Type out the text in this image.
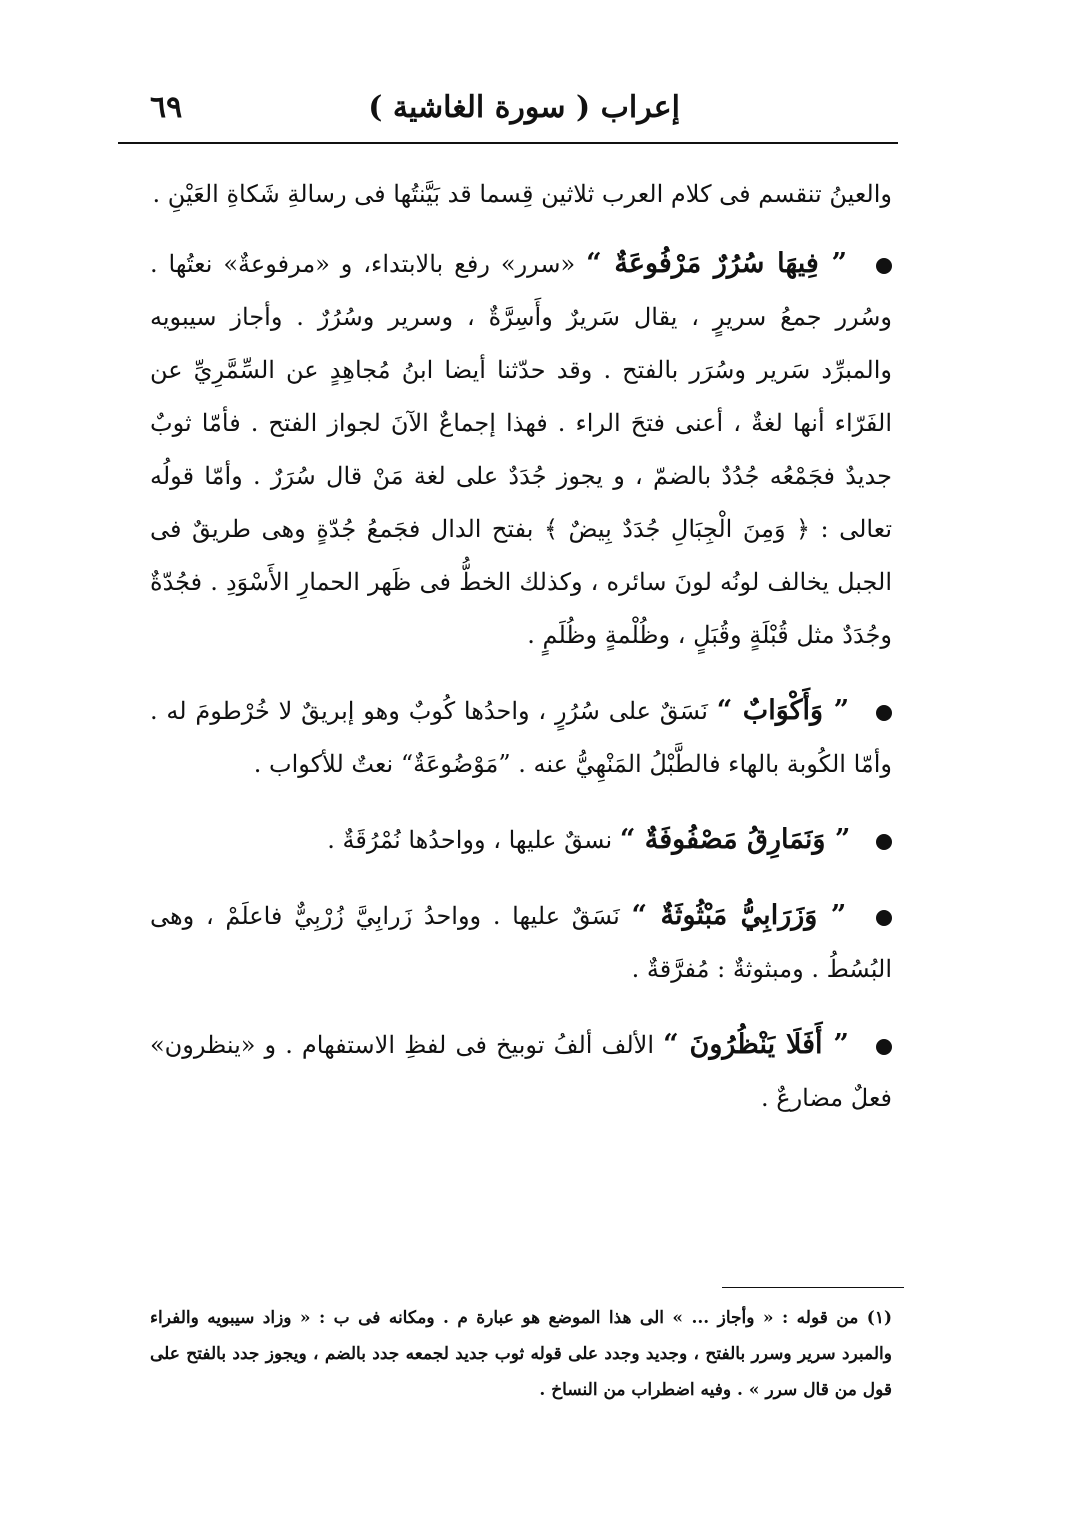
إعراب ( سورة الغاشية )
٦٩

والعينُ تنقسم فى كلام العرب ثلاثين قِسما قد بَيَّنتُها فى رسالةِ شَكاةِ العَيْنِ .

” فِيهَا سُرُرٌ مَرْفُوعَةٌ “ «سرر» رفع بالابتداء، و «مرفوعةٌ» نعتُها . وسُرر جمعُ سريرٍ ، يقال سَريرٌ وأَسِرَّةٌ ، وسرير وسُرُرٌ . وأجاز سيبويه والمبرِّد سَرير وسُرَر بالفتح . وقد حدّثنا أيضا ابنُ مُجاهِدٍ عن السِّمَّرِيِّ عن الفَرّاء أنها لغةٌ ، أعنى فتحَ الراء . فهذا إجماعٌ الآنَ لجواز الفتح . فأمّا ثوبٌ جديدٌ فجَمْعُه جُدُدٌ بالضمّ ، و يجوز جُدَدٌ على لغة مَنْ قال سُرَرٌ . وأمّا قولُه تعالى : ﴿ وَمِنَ الْجِبَالِ جُدَدٌ بِيضٌ ﴾ بفتح الدال فجَمعُ جُدّةٍ وهى طريقٌ فى الجبل يخالف لونُه لونَ سائره ، وكذلك الخطُّ فى ظَهر الحمارِ الأَسْوَدِ . فجُدّةٌ وجُدَدٌ مثل قُبْلَةٍ وقُبَلٍ ، وظُلْمةٍ وظُلَمٍ .

” وَأَكْوَابٌ “ نَسَقٌ على سُرُرٍ ، واحدُها كُوبٌ وهو إبريقٌ لا خُرْطومَ له . وأمّا الكُوبة بالهاء فالطَّبْلُ المَنْهِيُّ عنه . ”مَوْضُوعَةٌ“ نعتٌ للأكواب .

” وَنَمَارِقُ مَصْفُوفَةٌ “ نسقٌ عليها ، وواحدُها نُمْرُقَةٌ .

” وَزَرَابِيُّ مَبْثُوثَةٌ “ نَسَقٌ عليها . وواحدُ زَرابِيَّ زُرْبِيٌّ فاعلَمْ ، وهى البُسُطُ . ومبثوثةٌ : مُفرَّقةٌ .

” أَفَلَا يَنْظُرُونَ “ الألف ألفُ توبيخ فى لفظِ الاستفهام . و «ينظرون» فعلٌ مضارعٌ .

(١) من قوله : « وأجاز ... » الى هذا الموضع هو عبارة م . ومكانه فى ب : « وزاد سيبويه والفراء والمبرد سرير وسرر بالفتح ، وجديد وجدد على قوله ثوب جديد لجمعه جدد بالضم ، ويجوز جدد بالفتح على قول من قال سرر » . وفيه اضطراب من النساخ .
